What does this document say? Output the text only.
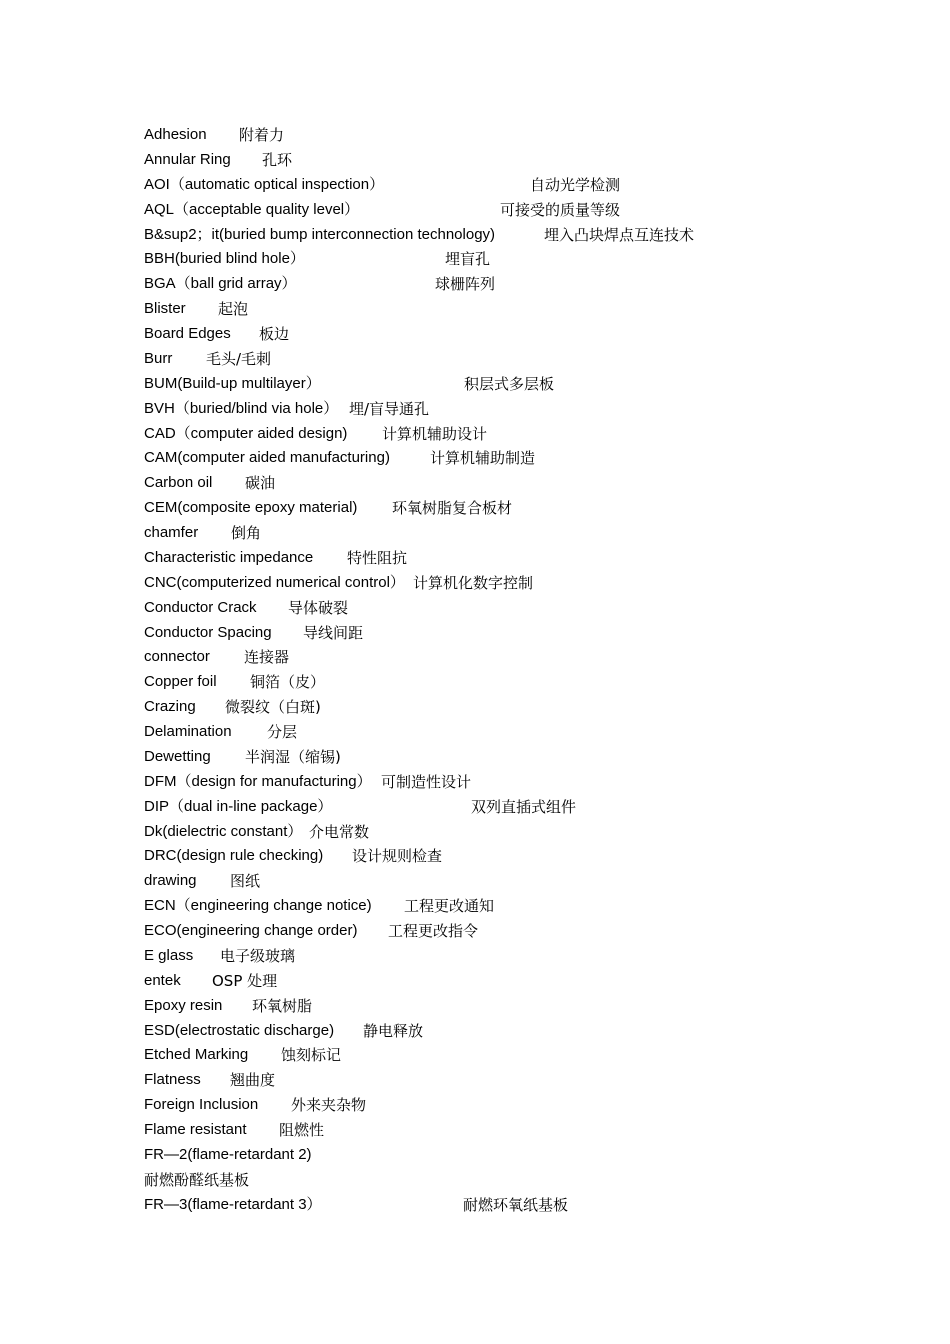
Adhesion	附着力
Annular Ring	孔环
AOI（automatic optical inspection）	自动光学检测
AQL（acceptable quality level）	可接受的质量等级
B&sup2；it(buried bump interconnection technology)	埋入凸块焊点互连技术
BBH(buried blind hole）	埋盲孔
BGA（ball grid array）	球栅阵列
Blister	起泡
Board Edges	板边
Burr	毛头/毛刺
BUM(Build-up multilayer）	积层式多层板
BVH（buried/blind via hole） 埋/盲导通孔
CAD（computer aided design)	计算机辅助设计
CAM(computer aided manufacturing)	计算机辅助制造
Carbon oil	碳油
CEM(composite epoxy material)	环氧树脂复合板材
chamfer	倒角
Characteristic impedance	特性阻抗
CNC(computerized numerical control） 计算机化数字控制
Conductor Crack	导体破裂
Conductor Spacing	导线间距
connector	连接器
Copper foil	铜箔（皮）
Crazing	微裂纹（白斑)
Delamination	分层
Dewetting	半润湿（缩锡)
DFM（design for manufacturing） 可制造性设计
DIP（dual in-line package）	双列直插式组件
Dk(dielectric constant） 介电常数
DRC(design rule checking)	设计规则检查
drawing	图纸
ECN（engineering change notice)	工程更改通知
ECO(engineering change order)	工程更改指令
E glass	电子级玻璃
entek	OSP 处理
Epoxy resin	环氧树脂
ESD(electrostatic discharge)	静电释放
Etched Marking	蚀刻标记
Flatness	翘曲度
Foreign Inclusion	外来夹杂物
Flame resistant	阻燃性
FR—2(flame-retardant 2)
耐燃酚醛纸基板
FR—3(flame-retardant 3）	耐燃环氧纸基板
